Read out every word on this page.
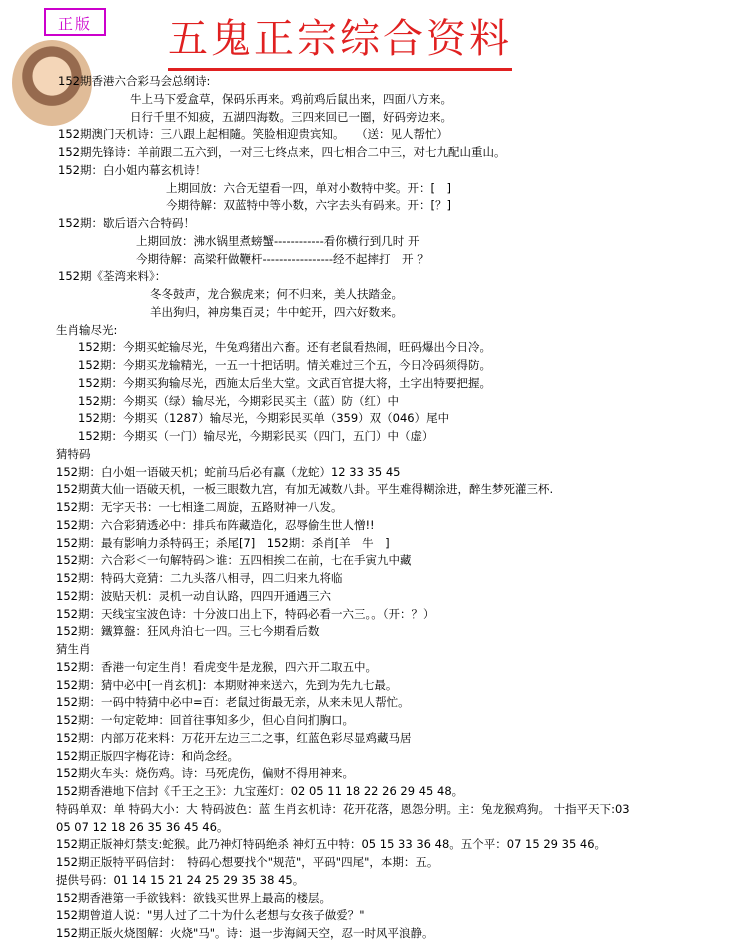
正版	五鬼正宗综合资料
152期香港六合彩马会总纲诗:
牛上马下爱盒草，保码乐再来。鸡前鸡后鼠出来，四面八方来。
日行千里不知疲，五湖四海数。三四来回已一圈，好码旁边来。
152期澳门天机诗：三八跟上起相隨。笑脸相迎贵宾知。　　（送：见人帮忙）
152期先锋诗：羊前跟二五六到，一对三七终点来，四七相合二中三，对七九配山重山。
152期：白小姐内幕玄机诗！
上期回放：六合无望看一四，单对小数特中奖。开：[　]
今期待解：双蓝特中等小数，六字去头有码来。开：[？]
152期：歇后语六合特码！
上期回放：沸水锅里煮螃蟹------------看你横行到几时 开
今期待解：高梁秆做鞭杆-----------------经不起摔打　开 ？
152期《荃湾来料》：
冬冬鼓声，龙合猴虎来；何不归来，美人扶踏金。
羊出狗归，神房集百灵；牛中蛇开，四六好数来。
生肖输尽光:
152期：今期买蛇输尽光，牛兔鸡猪出六畜。还有老鼠看热闹，旺码爆出今日冷。
152期：今期买龙输精光，一五一十把话明。情关难过三个五，今日冷码须得防。
152期：今期买狗输尽光，西施太后坐大堂。文武百官提大将，土字出特要把握。
152期：今期买（绿）输尽光，今期彩民买主（蓝）防（红）中
152期：今期买（1287）输尽光，今期彩民买单（359）双（046）尾中
152期：今期买（一门）输尽光，今期彩民买（四门，五门）中（虚）
猜特码
152期：白小姐一语破天机；蛇前马后必有赢（龙蛇）12 33 35 45
152期黄大仙一语破天机，一板三眼数九宫，有加无减数八卦。平生难得糊涂进，醉生梦死灌三杯.
152期：无字天书：一七相逢二周旋，五路财神一八发。
152期：六合彩猜透必中：排兵布阵藏造化，忍辱偷生世人憎!!
152期：最有影响力杀特码王；杀尾[7]　152期：杀肖[羊　牛　]
152期：六合彩＜一句解特码＞谁：五四相挨二在前，七在手寅九中藏
152期：特码大竞猜：二九头落八相寻，四二归来九将临
152期：波贴天机：灵机一动自认路，四四开通遇三六
152期：天线宝宝波色诗：十分波口出上下，特码必看一六三。。（开：？）
152期：鐵算盤：狂风舟泊七一四。三七今期看后数
猜生肖
152期：香港一句定生肖！看虎变牛是龙猴，四六开二取五中。
152期：猜中必中[一肖玄机]：本期财神来送六，先到为先九七最。
152期：一码中特猜中必中=百：老鼠过街最无亲，从来未见人帮忙。
152期：一句定乾坤：回首往事知多少，但心自问扪胸口。
152期：内部万花来料：万花开左边三二之事，红蓝色彩尽显鸡藏马居
152期正版四字梅花诗：和尚念经。
152期火车头：烧伤鸡。诗：马死虎伤，偏财不得用神来。
152期香港地下信封《千王之王》：九宝莲灯：02 05 11 18 22 26 29 45 48。
特码单双：单 特码大小：大 特码波色：蓝 生肖玄机诗：花开花落，恩怨分明。主：兔龙猴鸡狗。 十指平天下:03
05 07 12 18 26 35 36 45 46。
152期正版神灯禁支:蛇猴。此乃神灯特码绝杀 神灯五中特：05 15 33 36 48。五个平：07 15 29 35 46。
152期正版特平码信封：　特码心想要找个"规范"，平码"四尾"，本期：五。
提供号码：01 14 15 21 24 25 29 35 38 45。
152期香港第一手欲钱料：欲钱买世界上最高的楼层。
152期曾道人说："男人过了二十为什么老想与女孩子做爱？"
152期正版火烧图解：火烧"马"。诗：退一步海阔天空，忍一时风平浪静。
